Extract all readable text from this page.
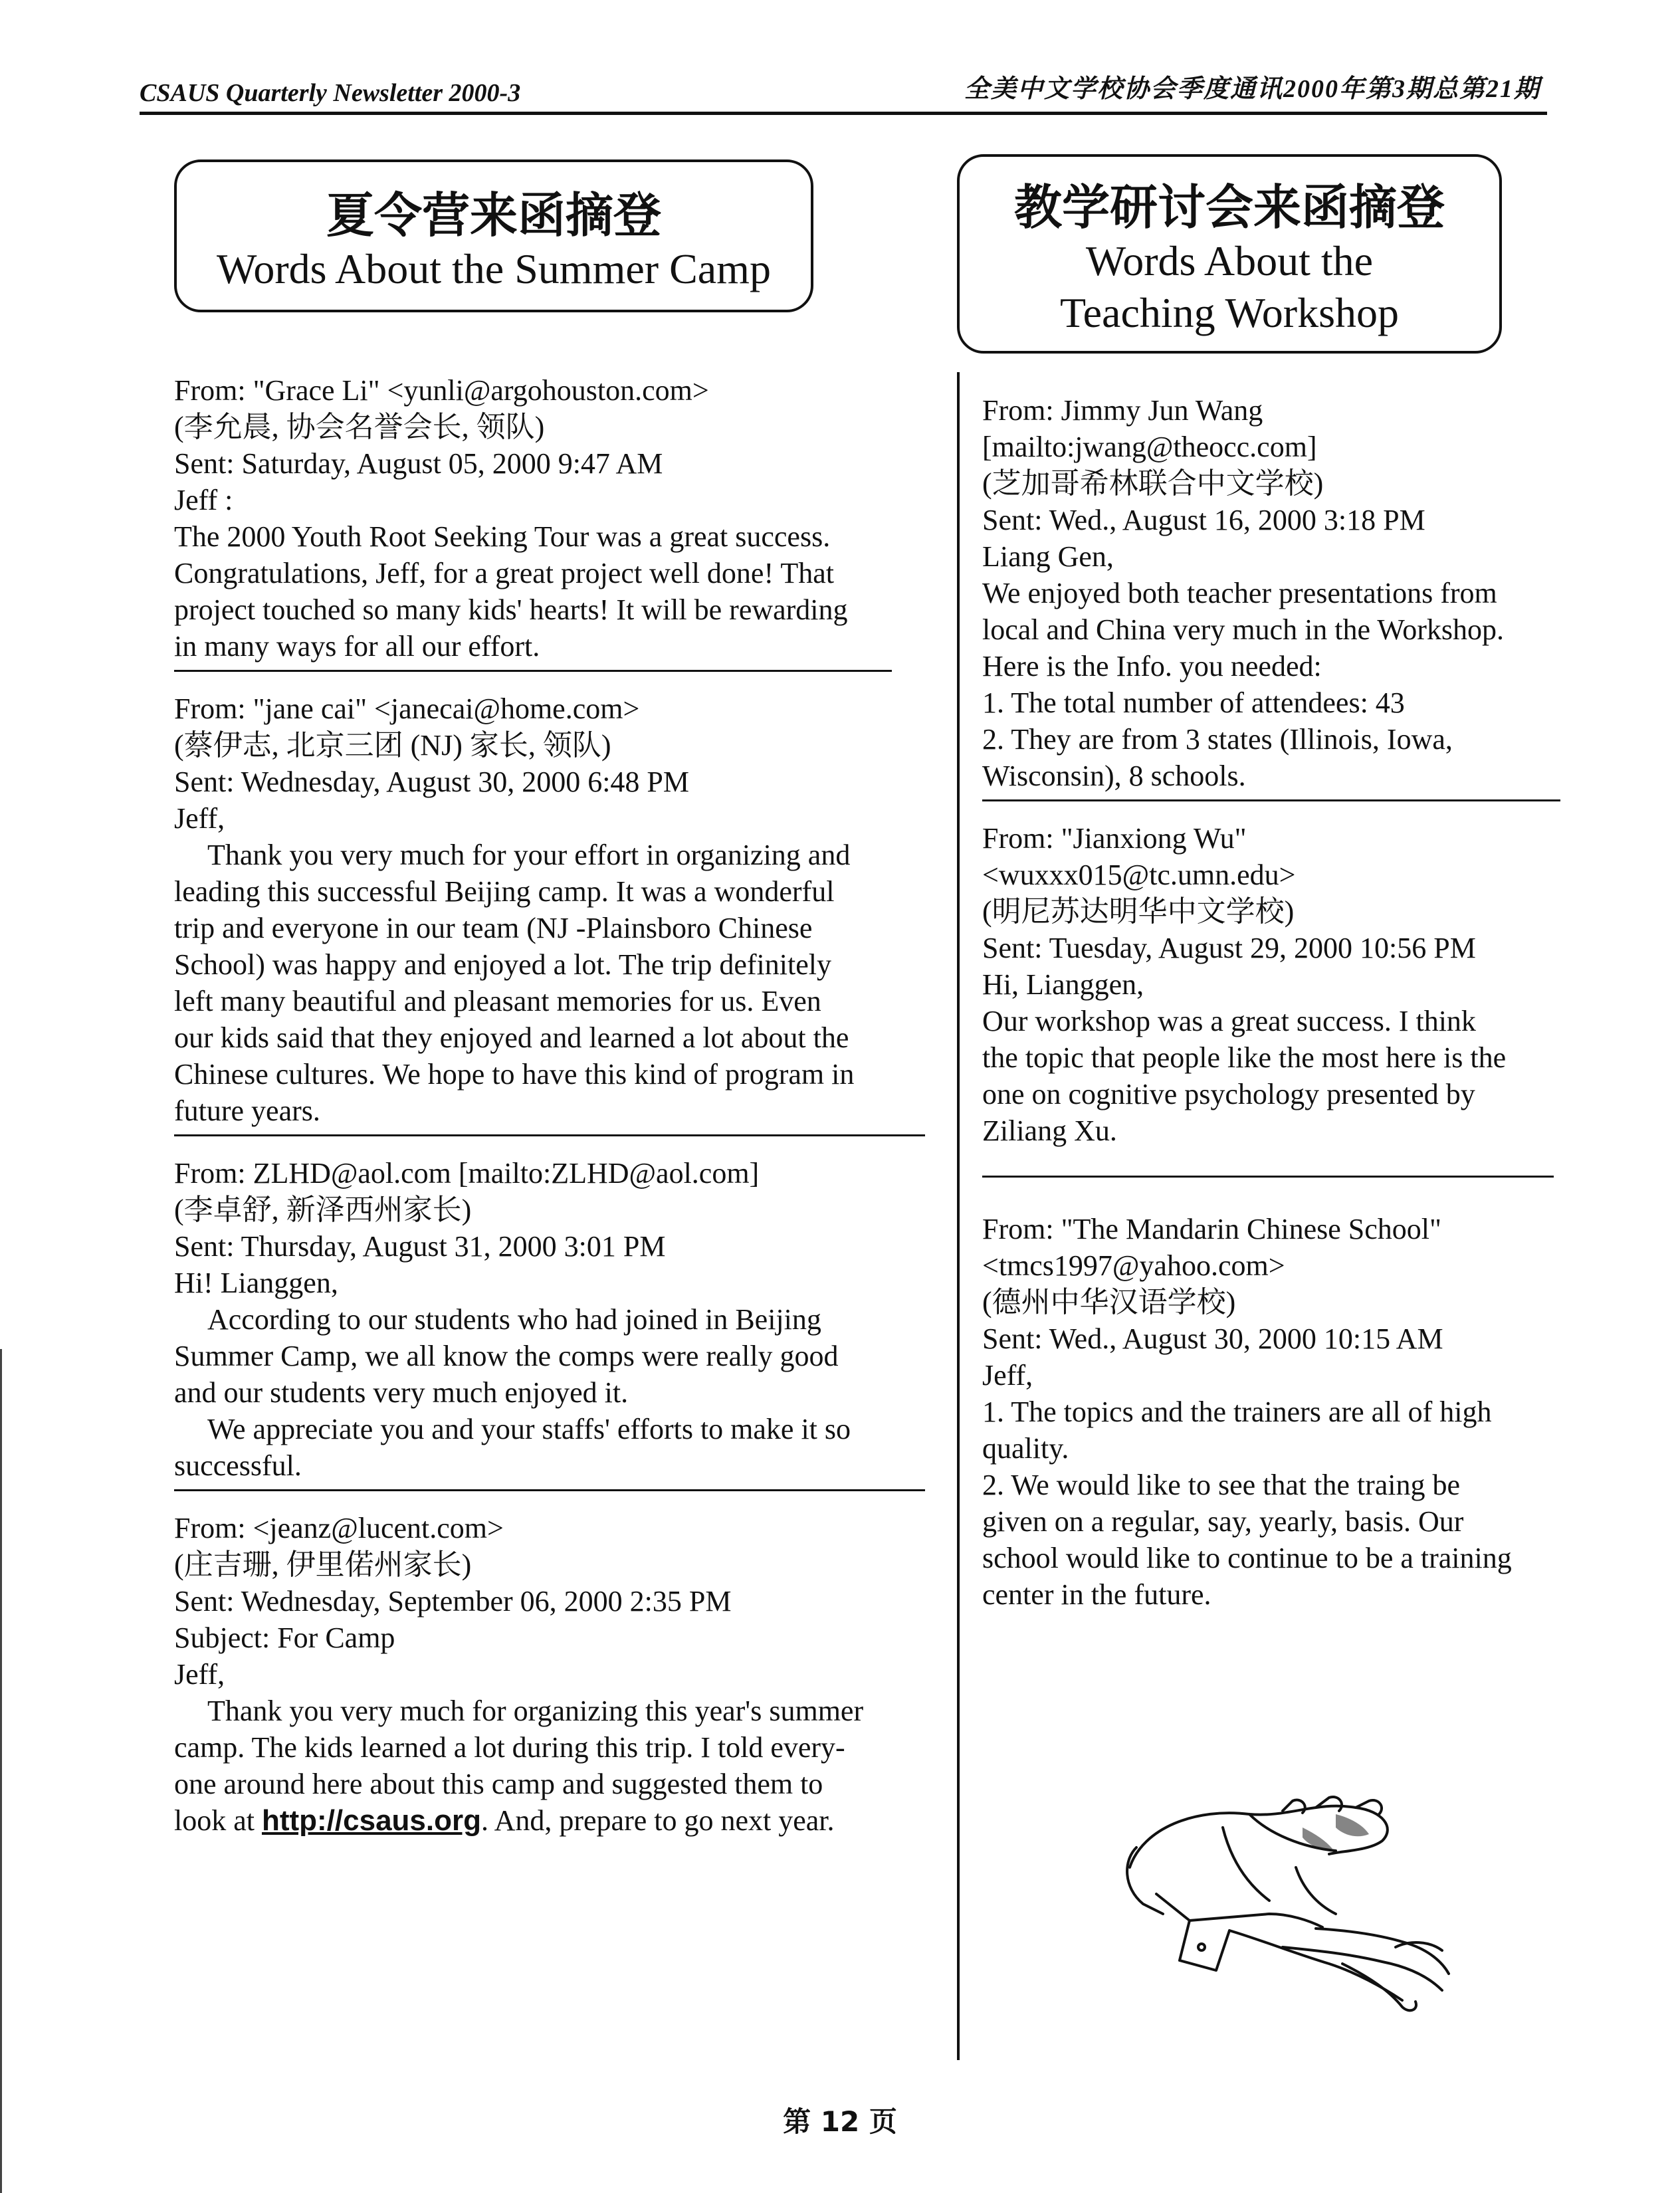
CSAUS Quarterly Newsletter 2000-3	全美中文学校协会季度通讯2000年第3期总第21期
夏令营来函摘登
Words About the Summer Camp
教学研讨会来函摘登
Words About the
Teaching Workshop

From: "Grace Li" <yunli@argohouston.com>

(李允晨, 协会名誉会长, 领队)

Sent: Saturday, August 05, 2000 9:47 AM

Jeff :

The 2000 Youth Root Seeking Tour was a great success.
Congratulations, Jeff, for a great project well done! That
project touched so many kids' hearts! It will be rewarding
in many ways for all our effort.

From: "jane cai" <janecai@home.com>

(蔡伊志, 北京三团 (NJ) 家长, 领队)

Sent: Wednesday, August 30, 2000 6:48 PM

Jeff,

Thank you very much for your effort in organizing and
leading this successful Beijing camp. It was a wonderful
trip and everyone in our team (NJ -Plainsboro Chinese
School) was happy and enjoyed a lot. The trip definitely
left many beautiful and pleasant memories for us. Even
our kids said that they enjoyed and learned a lot about the
Chinese cultures. We hope to have this kind of program in
future years.

From: ZLHD@aol.com [mailto:ZLHD@aol.com]

(李卓舒, 新泽西州家长)

Sent: Thursday, August 31, 2000 3:01 PM

Hi! Lianggen,

According to our students who had joined in Beijing
Summer Camp, we all know the comps were really good
and our students very much enjoyed it.

We appreciate you and your staffs' efforts to make it so
successful.

From: <jeanz@lucent.com>

(庄吉珊, 伊里偌州家长)

Sent: Wednesday, September 06, 2000 2:35 PM

Subject: For Camp

Jeff,

Thank you very much for organizing this year's summer
camp. The kids learned a lot during this trip. I told every-
one around here about this camp and suggested them to

look at http://csaus.org. And, prepare to go next year.

From: Jimmy Jun Wang

[mailto:jwang@theocc.com]

(芝加哥希林联合中文学校)

Sent: Wed., August 16, 2000 3:18 PM

Liang Gen,

We enjoyed both teacher presentations from
local and China very much in the Workshop.
Here is the Info. you needed:
1. The total number of attendees: 43
2. They are from 3 states (Illinois, Iowa,
Wisconsin), 8 schools.

From: "Jianxiong Wu"

<wuxxx015@tc.umn.edu>

(明尼苏达明华中文学校)

Sent: Tuesday, August 29, 2000 10:56 PM

Hi, Lianggen,

Our workshop was a great success. I think
the topic that people like the most here is the
one on cognitive psychology presented by
Ziliang Xu.

From: "The Mandarin Chinese School"

<tmcs1997@yahoo.com>

(德州中华汉语学校)

Sent: Wed., August 30, 2000 10:15 AM

Jeff,

1. The topics and the trainers are all of high
quality.
2. We would like to see that the traing be
given on a regular, say, yearly, basis. Our
school would like to continue to be a training
center in the future.

第 12 页
